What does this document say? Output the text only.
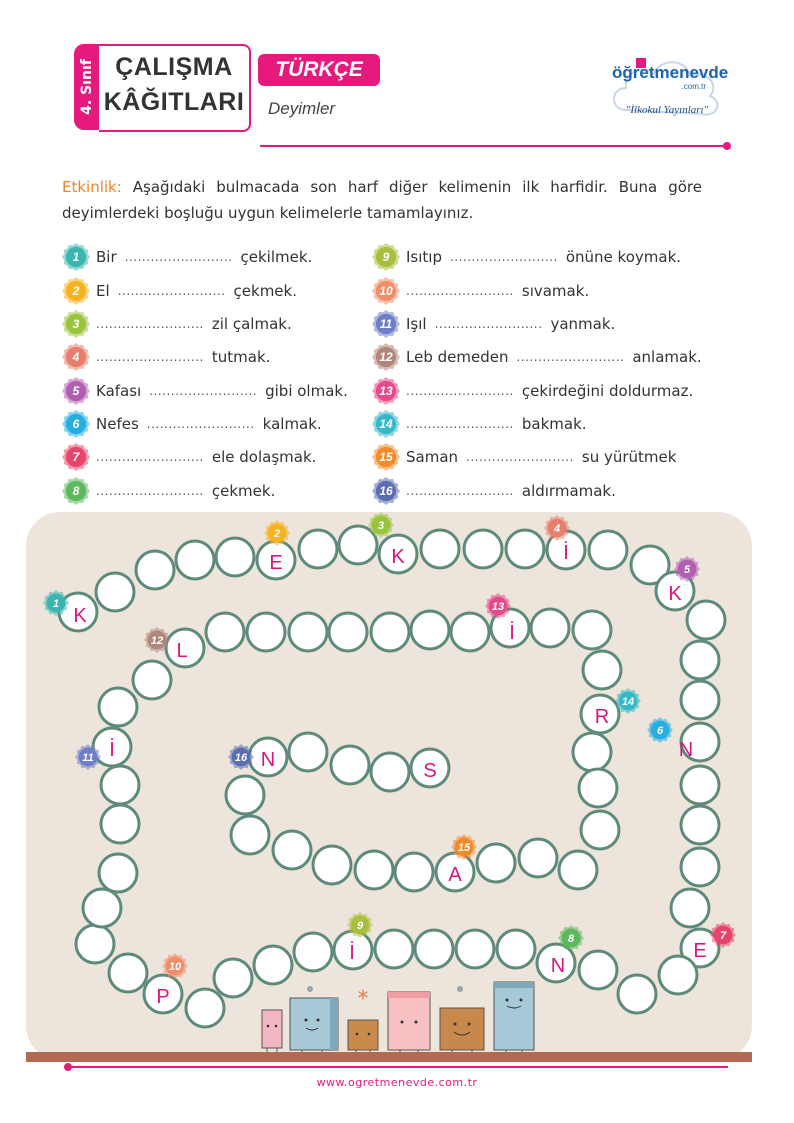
4. Sınıf ÇALIŞMA
KÂĞITLARI
TÜRKÇE
Deyimler
öğretmenevde
.com.tr
"İlkokul Yayınları"
Etkinlik: Aşağıdaki bulmacada son harf diğer kelimenin ilk harfidir. Buna göre deyimlerdeki boşluğu uygun kelimelerle tamamlayınız.
1 Bir ......................... çekilmek.
2 El ......................... çekmek.
3 ......................... zil çalmak.
4 ......................... tutmak.
5 Kafası ......................... gibi olmak.
6 Nefes ......................... kalmak.
7 ......................... ele dolaşmak.
8 ......................... çekmek.
9 Isıtıp ......................... önüne koymak.
10 ......................... sıvamak.
11 Işıl ......................... yanmak.
12 Leb demeden ......................... anlamak.
13 ......................... çekirdeğini doldurmaz.
14 ......................... bakmak.
15 Saman ......................... su yürütmek
16 ......................... aldırmamak.
1
2
3	4
5
6
7
8
9
10
11
12
13
14
15
16
K
E	K	İ
K
N
E
N
İ
P
İ
L
İ
R
A
N	S
*
www.ogretmenevde.com.tr
